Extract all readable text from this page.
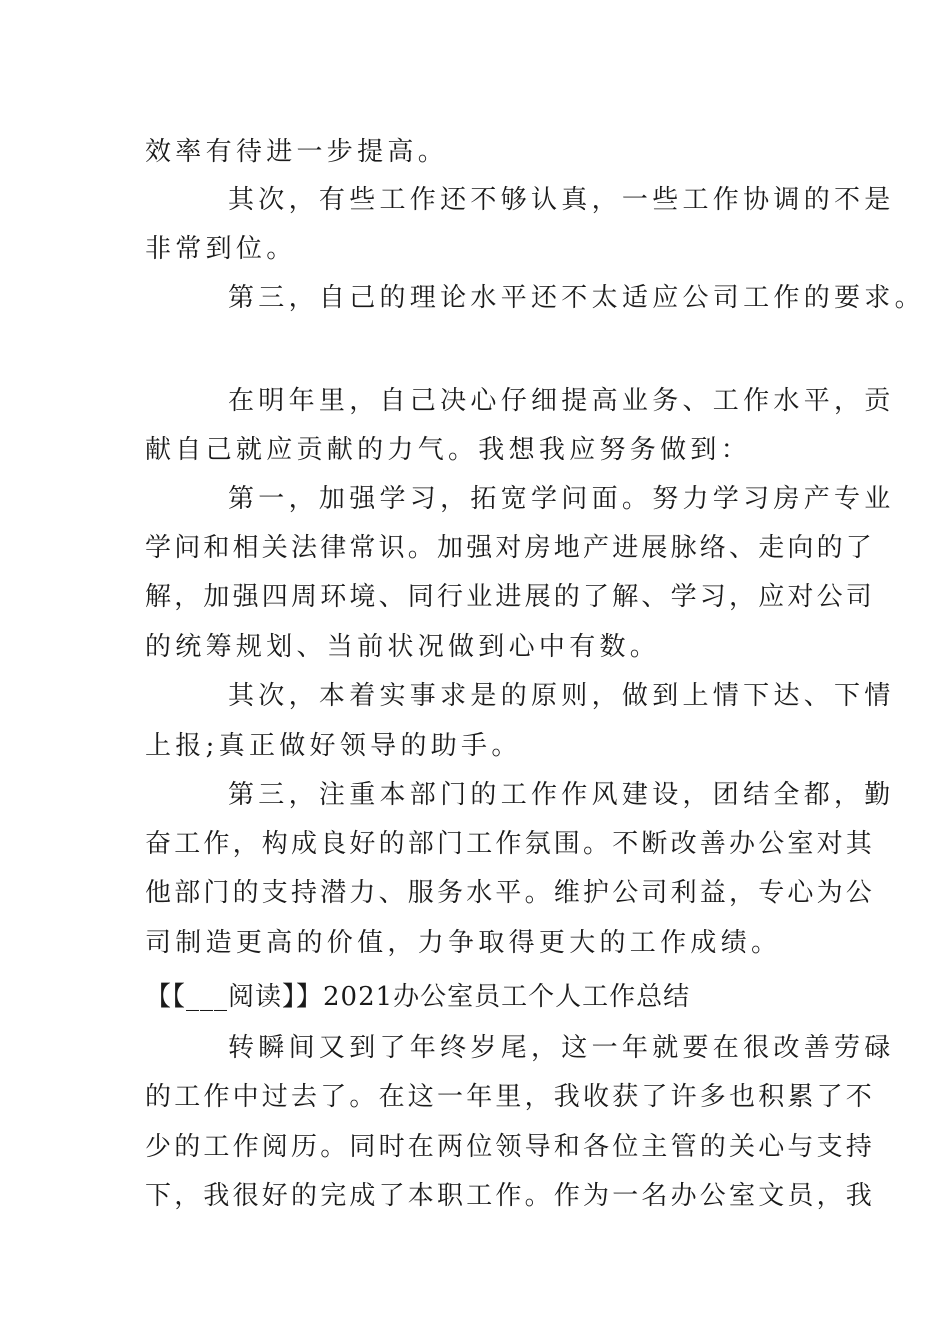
效率有待进一步提高。

其次，有些工作还不够认真，一些工作协调的不是

非常到位。

第三，自己的理论水平还不太适应公司工作的要求。

在明年里，自己决心仔细提高业务、工作水平，贡

献自己就应贡献的力气。我想我应努务做到：

第一，加强学习，拓宽学问面。努力学习房产专业

学问和相关法律常识。加强对房地产进展脉络、走向的了

解，加强四周环境、同行业进展的了解、学习，应对公司

的统筹规划、当前状况做到心中有数。

其次，本着实事求是的原则，做到上情下达、下情

上报;真正做好领导的助手。

第三，注重本部门的工作作风建设，团结全都，勤

奋工作，构成良好的部门工作氛围。不断改善办公室对其

他部门的支持潜力、服务水平。维护公司利益，专心为公

司制造更高的价值，力争取得更大的工作成绩。

【【___阅读】】2021办公室员工个人工作总结

转瞬间又到了年终岁尾，这一年就要在很改善劳碌

的工作中过去了。在这一年里，我收获了许多也积累了不

少的工作阅历。同时在两位领导和各位主管的关心与支持

下，我很好的完成了本职工作。作为一名办公室文员，我
